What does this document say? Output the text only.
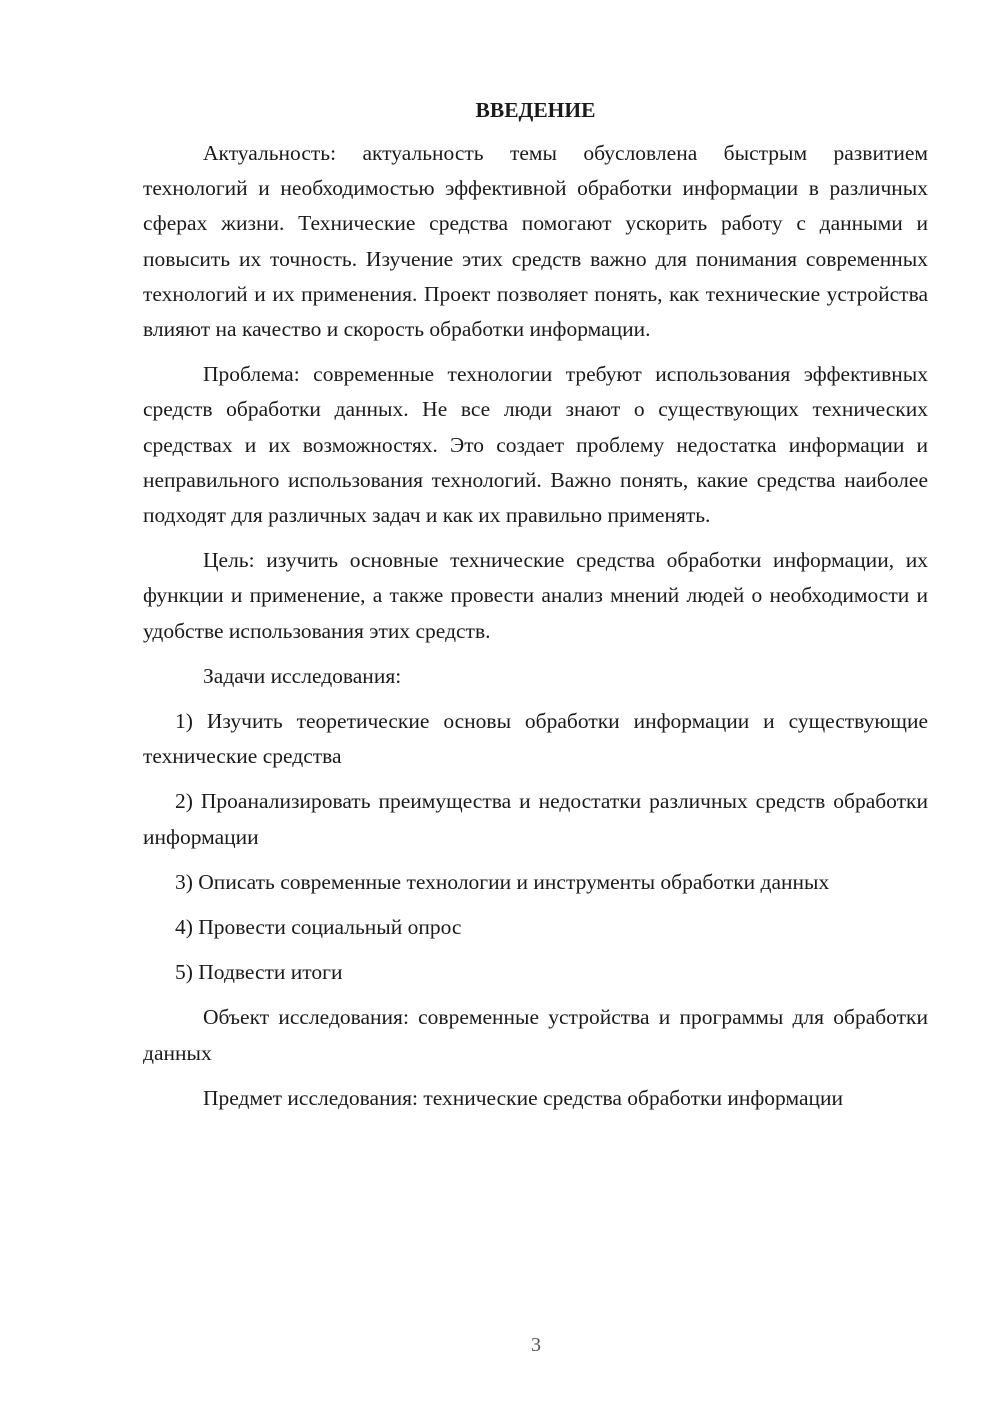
ВВЕДЕНИЕ

Актуальность: актуальность темы обусловлена быстрым развитием технологий и необходимостью эффективной обработки информации в различных сферах жизни. Технические средства помогают ускорить работу с данными и повысить их точность. Изучение этих средств важно для понимания современных технологий и их применения. Проект позволяет понять, как технические устройства влияют на качество и скорость обработки информации.

Проблема: современные технологии требуют использования эффективных средств обработки данных. Не все люди знают о существующих технических средствах и их возможностях. Это создает проблему недостатка информации и неправильного использования технологий. Важно понять, какие средства наиболее подходят для различных задач и как их правильно применять.

Цель: изучить основные технические средства обработки информации, их функции и применение, а также провести анализ мнений людей о необходимости и удобстве использования этих средств.

Задачи исследования:

1) Изучить теоретические основы обработки информации и существующие технические средства

2) Проанализировать преимущества и недостатки различных средств обработки информации

3) Описать современные технологии и инструменты обработки данных

4) Провести социальный опрос

5) Подвести итоги

Объект исследования: современные устройства и программы для обработки данных

Предмет исследования: технические средства обработки информации

3
